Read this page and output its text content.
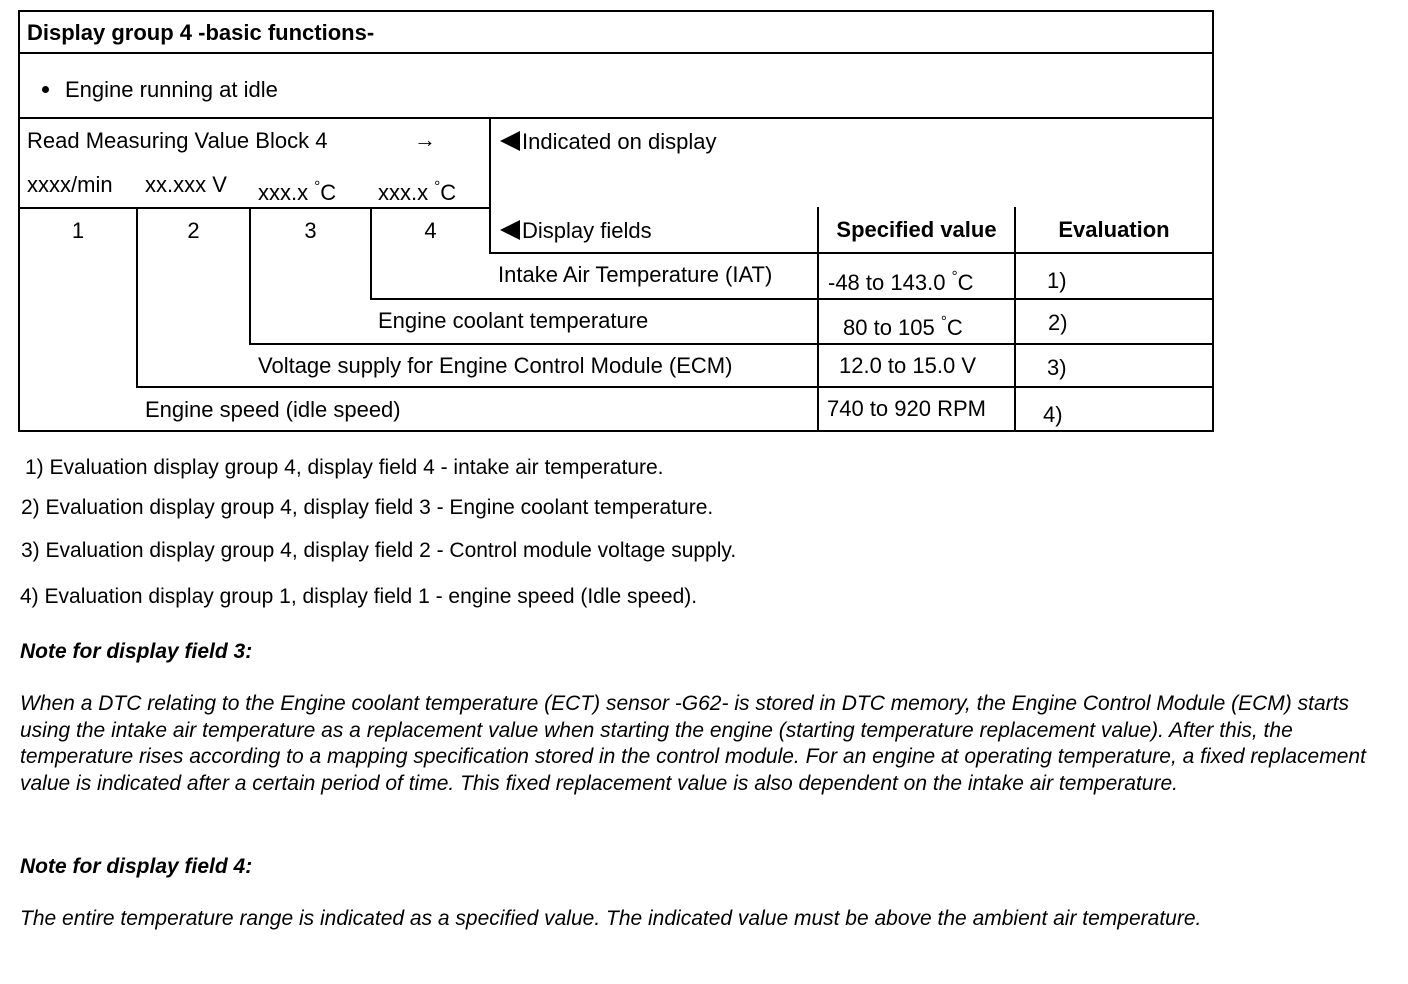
Display group 4 -basic functions-
Engine running at idle
Read Measuring Value Block 4	→	Indicated on display
xxxx/min xx.xxx V xxx.x °C xxx.x °C
1	2	3	4	Display fields	Specified value	Evaluation
Intake Air Temperature (IAT)	-48 to 143.0 °C	1)
Engine coolant temperature	80 to 105 °C	2)
Voltage supply for Engine Control Module (ECM)	12.0 to 15.0 V	3)
Engine speed (idle speed)	740 to 920 RPM	4)
1) Evaluation display group 4, display field 4 - intake air temperature.
2) Evaluation display group 4, display field 3 - Engine coolant temperature.
3) Evaluation display group 4, display field 2 - Control module voltage supply.
4) Evaluation display group 1, display field 1 - engine speed (Idle speed).
Note for display field 3:
When a DTC relating to the Engine coolant temperature (ECT) sensor -G62- is stored in DTC memory, the Engine Control Module (ECM) starts using the intake air temperature as a replacement value when starting the engine (starting temperature replacement value). After this, the temperature rises according to a mapping specification stored in the control module. For an engine at operating temperature, a fixed replacement value is indicated after a certain period of time. This fixed replacement value is also dependent on the intake air temperature.
Note for display field 4:
The entire temperature range is indicated as a specified value. The indicated value must be above the ambient air temperature.
